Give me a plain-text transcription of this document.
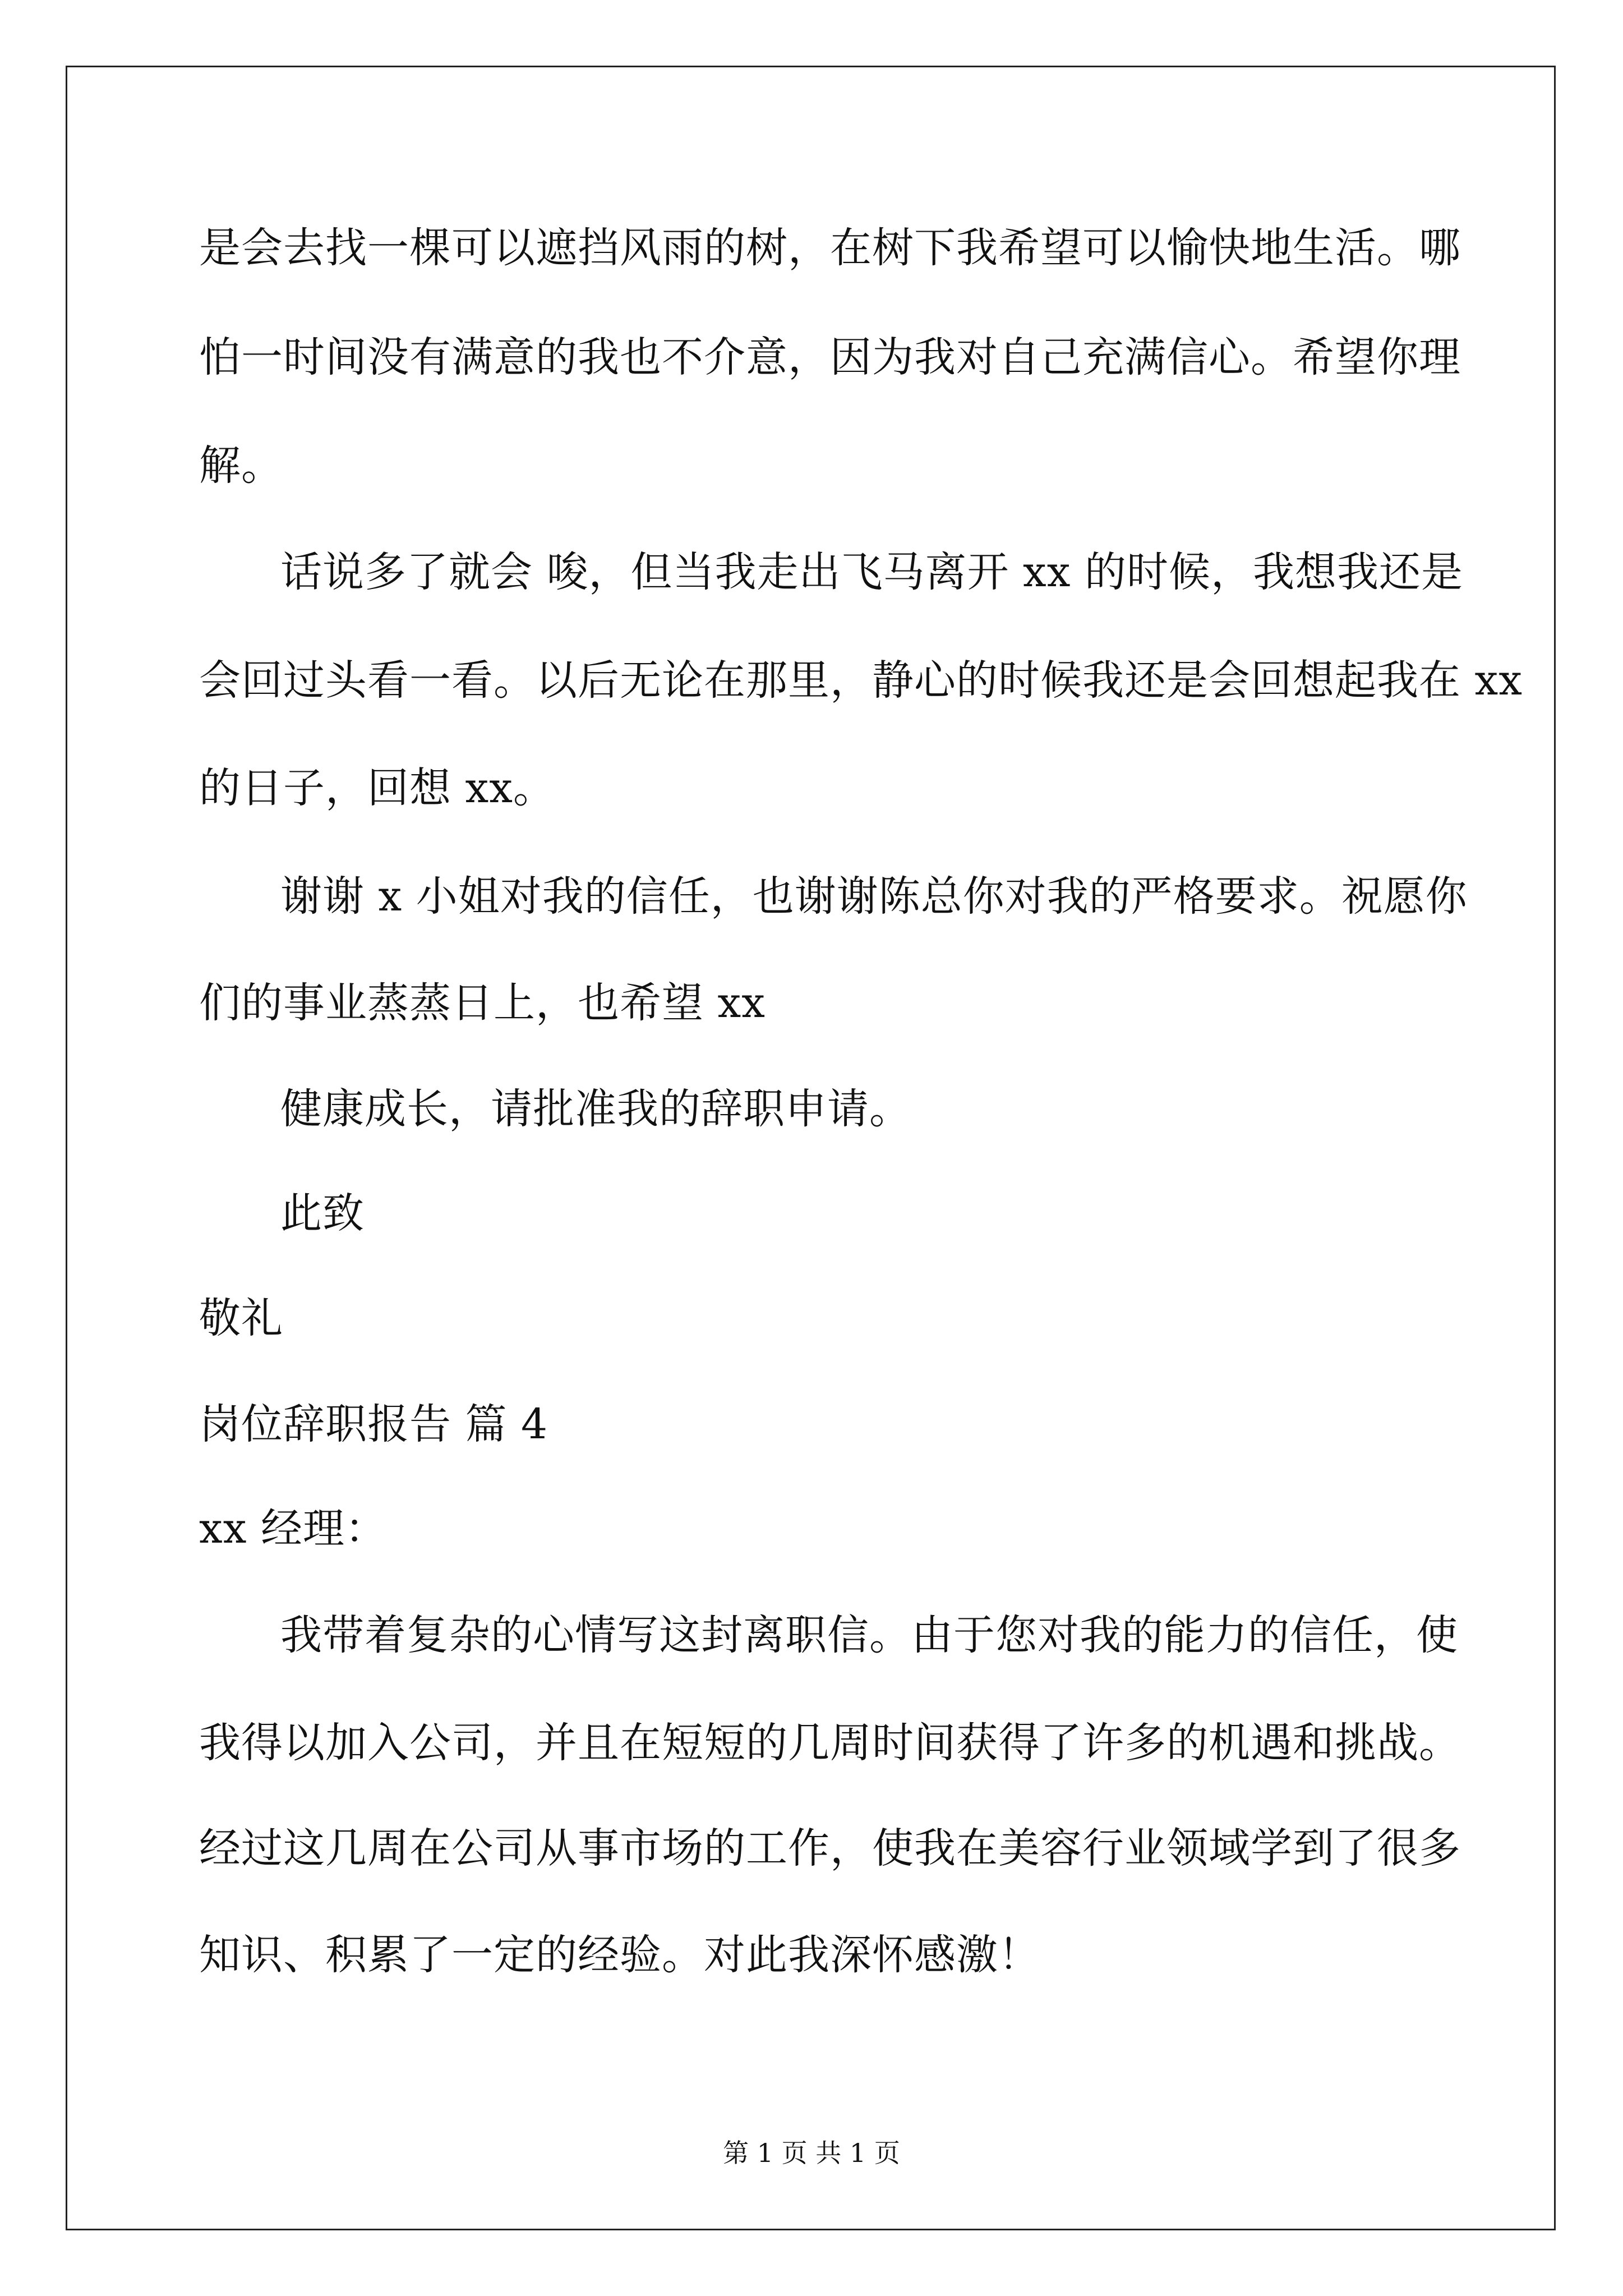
是会去找一棵可以遮挡风雨的树，在树下我希望可以愉快地生活。哪
怕一时间没有满意的我也不介意，因为我对自己充满信心。希望你理
解。
话说多了就会 唆，但当我走出飞马离开 xx 的时候，我想我还是
会回过头看一看。以后无论在那里，静心的时候我还是会回想起我在 xx
的日子，回想 xx。
谢谢 x 小姐对我的信任，也谢谢陈总你对我的严格要求。祝愿你
们的事业蒸蒸日上，也希望 xx
健康成长，请批准我的辞职申请。
此致
敬礼
岗位辞职报告 篇 4
xx 经理：
我带着复杂的心情写这封离职信。由于您对我的能力的信任，使
我得以加入公司，并且在短短的几周时间获得了许多的机遇和挑战。
经过这几周在公司从事市场的工作，使我在美容行业领域学到了很多
知识、积累了一定的经验。对此我深怀感激！
第 1 页 共 1 页
